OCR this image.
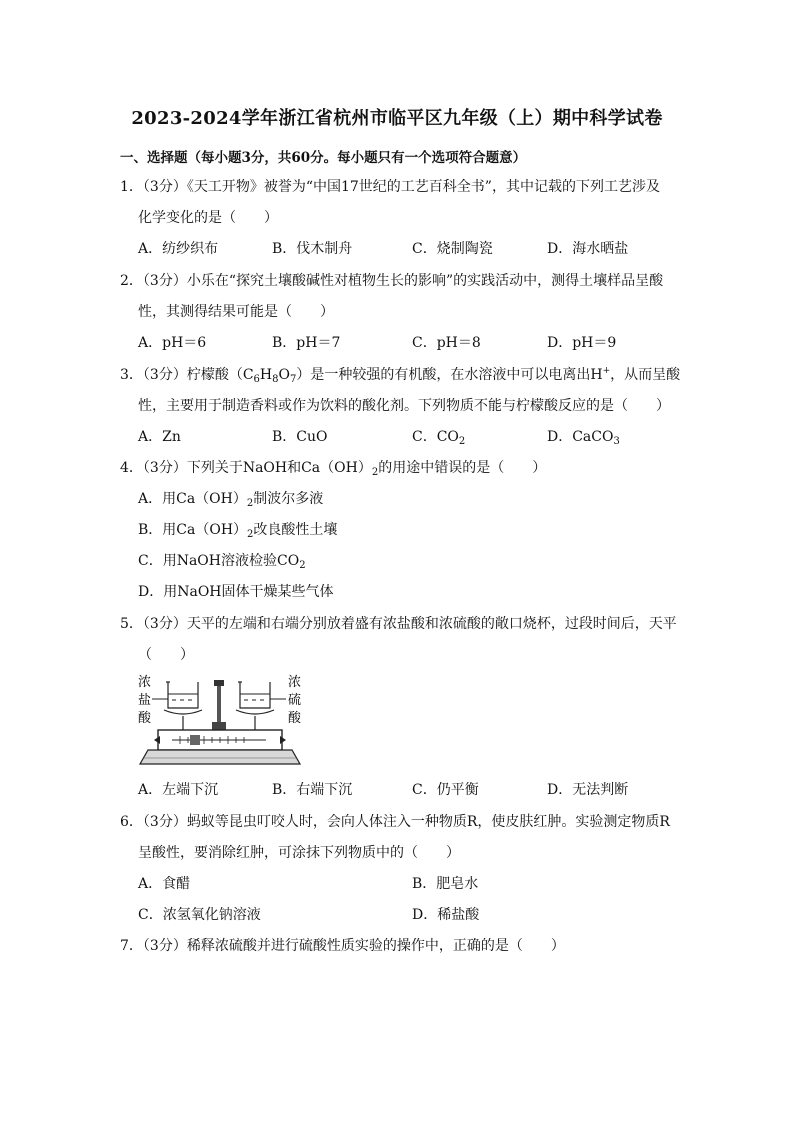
2023-2024学年浙江省杭州市临平区九年级（上）期中科学试卷
一、选择题（每小题3分，共60分。每小题只有一个选项符合题意）
1．（3分）《天工开物》被誉为“中国17世纪的工艺百科全书”，其中记载的下列工艺涉及
化学变化的是（　　）
A．纺纱织布	B．伐木制舟	C．烧制陶瓷	D．海水晒盐
2．（3分）小乐在“探究土壤酸碱性对植物生长的影响”的实践活动中，测得土壤样品呈酸
性，其测得结果可能是（　　）
A．pH＝6	B．pH＝7	C．pH＝8	D．pH＝9
3．（3分）柠檬酸$(C_6H_8O_7)$是一种较强的有机酸，在水溶液中可以电离出H+，从而呈酸
性，主要用于制造香料或作为饮料的酸化剂。下列物质不能与柠檬酸反应的是（　　）
A．Zn	B．CuO	C．$CO_2$	D．CaCO$_3$
4．（3分）下列关于NaOH和$Ca(OH)_2$的用途中错误的是（　　）
A．用$Ca(OH)_2$制波尔多液
B．用$Ca(OH)_2$改良酸性土壤
C．用NaOH溶液检验$CO_2$
D．用NaOH固体干燥某些气体
5．（3分）天平的左端和右端分别放着盛有浓盐酸和浓硫酸的敞口烧杯，过段时间后，天平
（　　）
浓
盐
酸
浓
硫
酸
A．左端下沉	B．右端下沉	C．仍平衡	D．无法判断
6．（3分）蚂蚁等昆虫叮咬人时，会向人体注入一种物质R，使皮肤红肿。实验测定物质R
呈酸性，要消除红肿，可涂抹下列物质中的（　　）
A．食醋	B．肥皂水
C．浓氢氧化钠溶液	D．稀盐酸
7．（3分）稀释浓硫酸并进行硫酸性质实验的操作中，正确的是（　　）
